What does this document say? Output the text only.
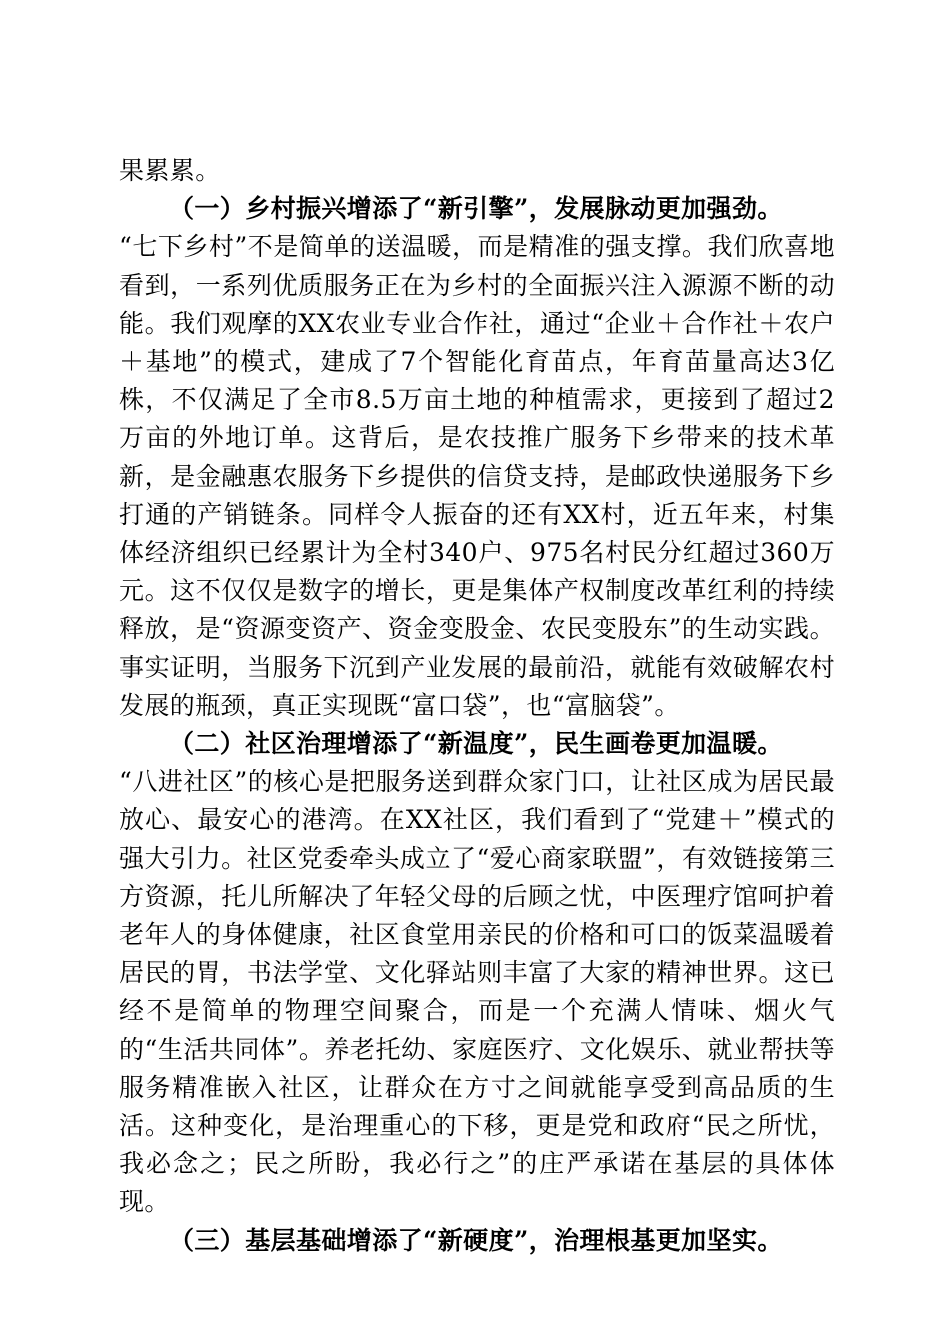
果累累。

（一）乡村振兴增添了“新引擎”，发展脉动更加强劲。

“七下乡村”不是简单的送温暖，而是精准的强支撑。我们欣喜地看到，一系列优质服务正在为乡村的全面振兴注入源源不断的动能。我们观摩的XX农业专业合作社，通过“企业＋合作社＋农户＋基地”的模式，建成了7个智能化育苗点，年育苗量高达3亿株，不仅满足了全市8.5万亩土地的种植需求，更接到了超过2万亩的外地订单。这背后，是农技推广服务下乡带来的技术革新，是金融惠农服务下乡提供的信贷支持，是邮政快递服务下乡打通的产销链条。同样令人振奋的还有XX村，近五年来，村集体经济组织已经累计为全村340户、975名村民分红超过360万元。这不仅仅是数字的增长，更是集体产权制度改革红利的持续释放，是“资源变资产、资金变股金、农民变股东”的生动实践。事实证明，当服务下沉到产业发展的最前沿，就能有效破解农村发展的瓶颈，真正实现既“富口袋”，也“富脑袋”。

（二）社区治理增添了“新温度”，民生画卷更加温暖。

“八进社区”的核心是把服务送到群众家门口，让社区成为居民最放心、最安心的港湾。在XX社区，我们看到了“党建＋”模式的强大引力。社区党委牵头成立了“爱心商家联盟”，有效链接第三方资源，托儿所解决了年轻父母的后顾之忧，中医理疗馆呵护着老年人的身体健康，社区食堂用亲民的价格和可口的饭菜温暖着居民的胃，书法学堂、文化驿站则丰富了大家的精神世界。这已经不是简单的物理空间聚合，而是一个充满人情味、烟火气的“生活共同体”。养老托幼、家庭医疗、文化娱乐、就业帮扶等服务精准嵌入社区，让群众在方寸之间就能享受到高品质的生活。这种变化，是治理重心的下移，更是党和政府“民之所忧，我必念之；民之所盼，我必行之”的庄严承诺在基层的具体体现。

（三）基层基础增添了“新硬度”，治理根基更加坚实。
